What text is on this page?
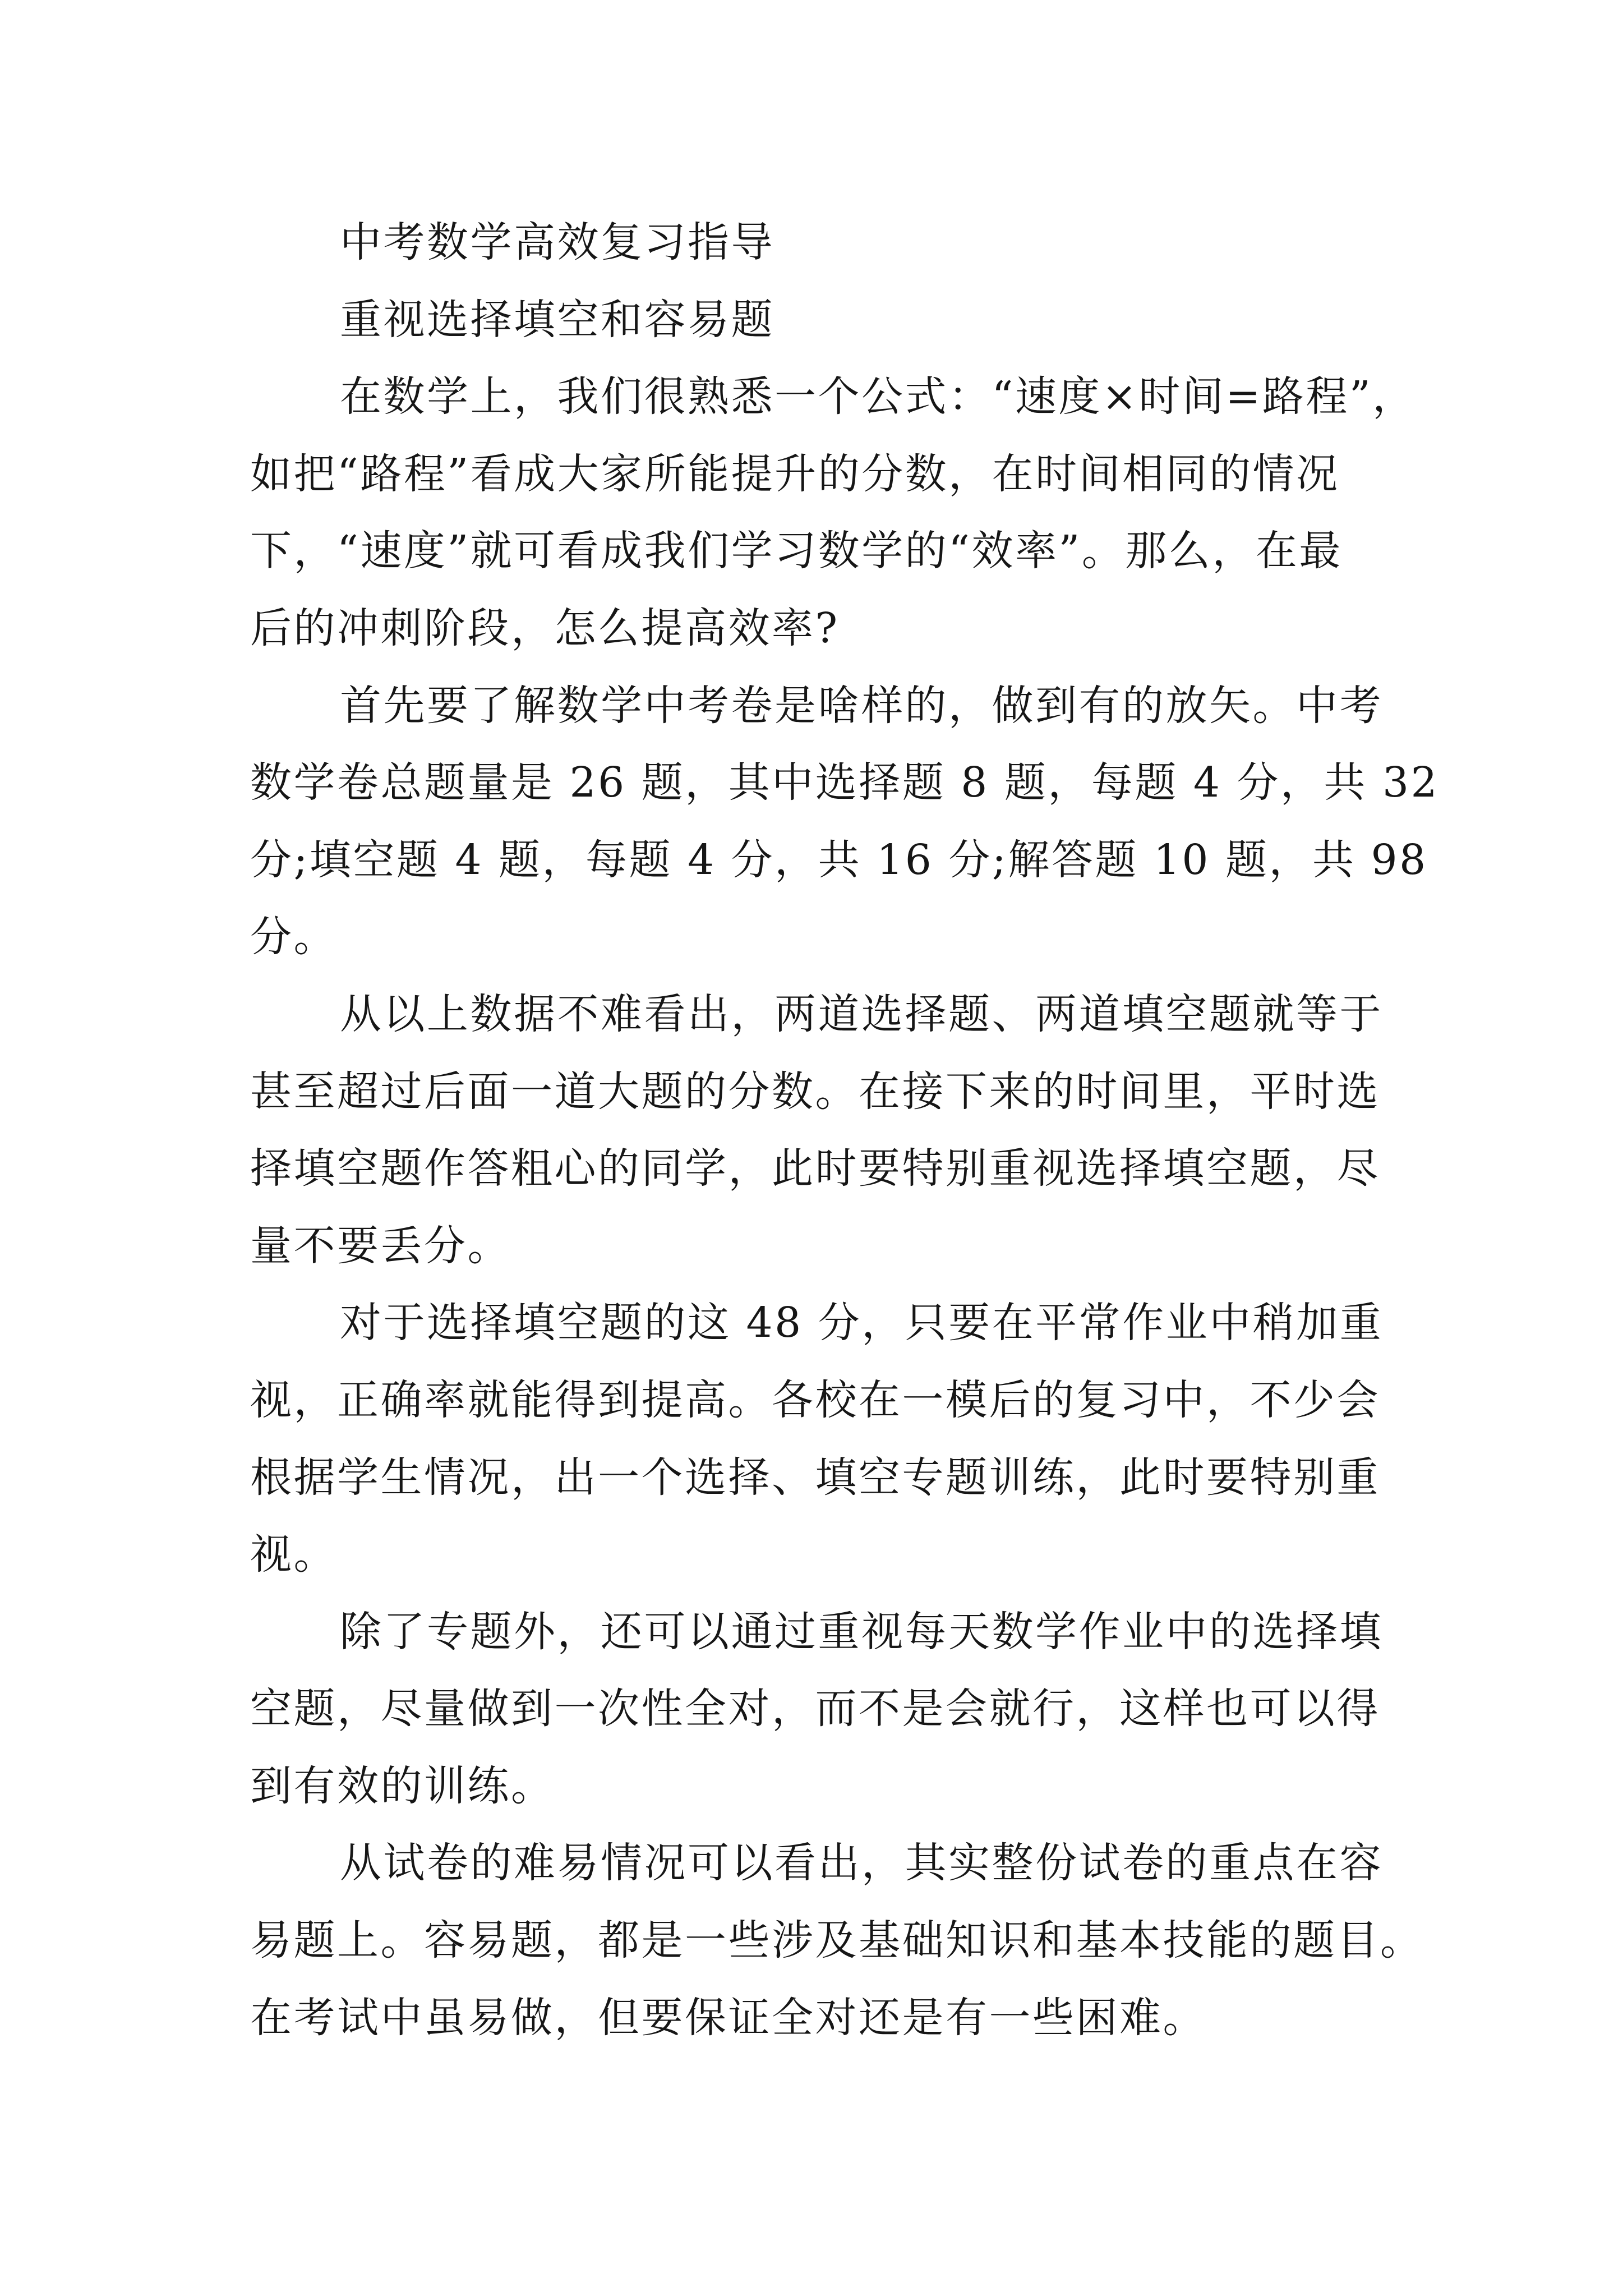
中考数学高效复习指导
重视选择填空和容易题
在数学上，我们很熟悉一个公式：“速度×时间=路程”，
如把“路程”看成大家所能提升的分数，在时间相同的情况
下，“速度”就可看成我们学习数学的“效率”。那么，在最
后的冲刺阶段，怎么提高效率?
首先要了解数学中考卷是啥样的，做到有的放矢。中考
数学卷总题量是 26 题，其中选择题 8 题，每题 4 分，共 32
分;填空题 4 题，每题 4 分，共 16 分;解答题 10 题，共 98
分。
从以上数据不难看出，两道选择题、两道填空题就等于
甚至超过后面一道大题的分数。在接下来的时间里，平时选
择填空题作答粗心的同学，此时要特别重视选择填空题，尽
量不要丢分。
对于选择填空题的这 48 分，只要在平常作业中稍加重
视，正确率就能得到提高。各校在一模后的复习中，不少会
根据学生情况，出一个选择、填空专题训练，此时要特别重
视。
除了专题外，还可以通过重视每天数学作业中的选择填
空题，尽量做到一次性全对，而不是会就行，这样也可以得
到有效的训练。
从试卷的难易情况可以看出，其实整份试卷的重点在容
易题上。容易题，都是一些涉及基础知识和基本技能的题目。
在考试中虽易做，但要保证全对还是有一些困难。
